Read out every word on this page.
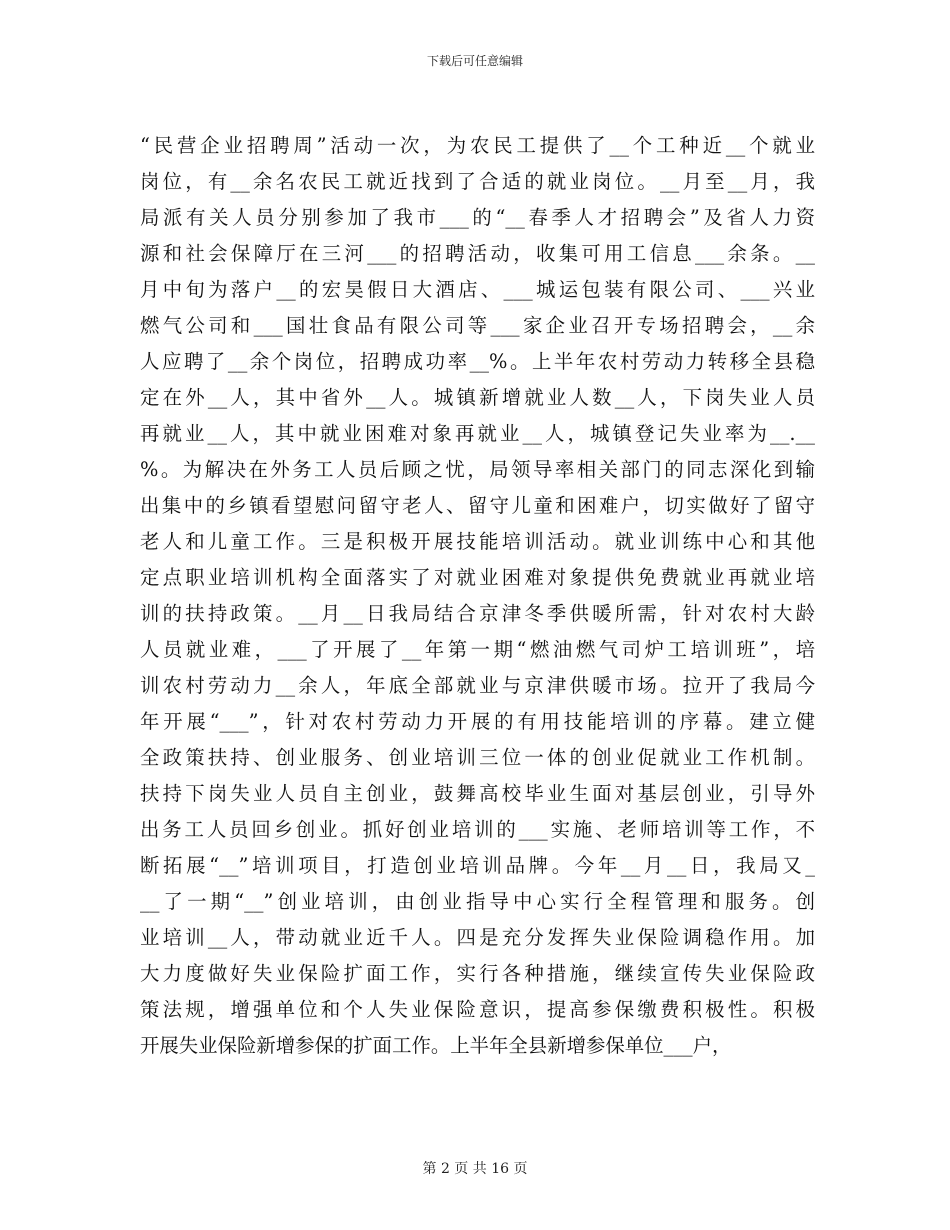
下载后可任意编辑
“民营企业招聘周”活动一次，为农民工提供了__个工种近__个就业
岗位，有__余名农民工就近找到了合适的就业岗位。__月至__月，我
局派有关人员分别参加了我市___的“__春季人才招聘会”及省人力资
源和社会保障厅在三河___的招聘活动，收集可用工信息___余条。__
月中旬为落户__的宏昊假日大酒店、___城运包装有限公司、___兴业
燃气公司和___国壮食品有限公司等___家企业召开专场招聘会，__余
人应聘了__余个岗位，招聘成功率__%。上半年农村劳动力转移全县稳
定在外__人，其中省外__人。城镇新增就业人数__人，下岗失业人员
再就业__人，其中就业困难对象再就业__人，城镇登记失业率为__.__
%。为解决在外务工人员后顾之忧，局领导率相关部门的同志深化到输
出集中的乡镇看望慰问留守老人、留守儿童和困难户，切实做好了留守
老人和儿童工作。三是积极开展技能培训活动。就业训练中心和其他
定点职业培训机构全面落实了对就业困难对象提供免费就业再就业培
训的扶持政策。__月__日我局结合京津冬季供暖所需，针对农村大龄
人员就业难，___了开展了__年第一期“燃油燃气司炉工培训班”，培
训农村劳动力__余人，年底全部就业与京津供暖市场。拉开了我局今
年开展“___”，针对农村劳动力开展的有用技能培训的序幕。建立健
全政策扶持、创业服务、创业培训三位一体的创业促就业工作机制。
扶持下岗失业人员自主创业，鼓舞高校毕业生面对基层创业，引导外
出务工人员回乡创业。抓好创业培训的___实施、老师培训等工作，不
断拓展“__”培训项目，打造创业培训品牌。今年__月__日，我局又_
__了一期“__”创业培训，由创业指导中心实行全程管理和服务。创
业培训__人，带动就业近千人。四是充分发挥失业保险调稳作用。加
大力度做好失业保险扩面工作，实行各种措施，继续宣传失业保险政
策法规，增强单位和个人失业保险意识，提高参保缴费积极性。积极
开展失业保险新增参保的扩面工作。上半年全县新增参保单位___户，
第 2 页 共 16 页
